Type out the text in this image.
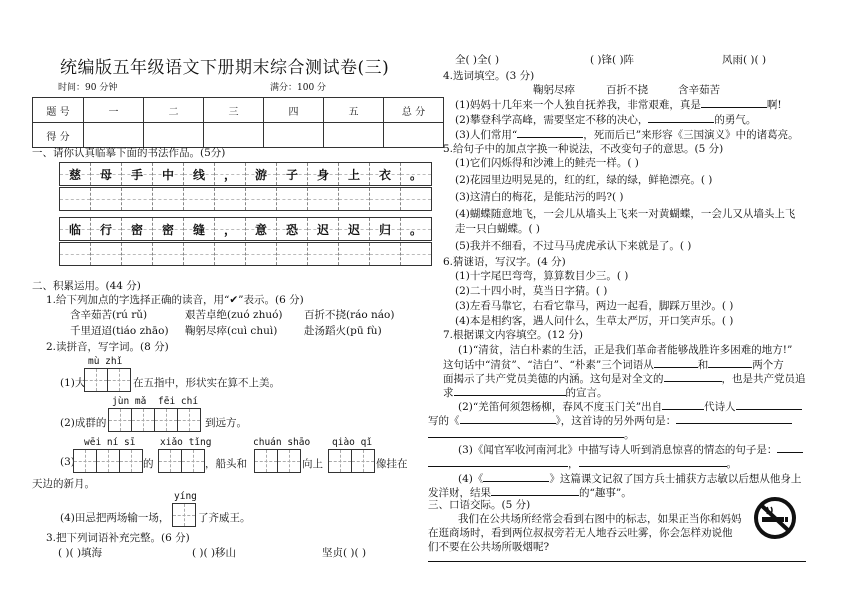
统编版五年级语文下册期末综合测试卷(三)
时间：90 分钟	满分：100 分
题 号	一	二	三	四	五	总 分
得 分						
一、请你认真临摹下面的书法作品。(5分)
慈 母 手 中 线 ， 游 子 身 上 衣 。
临 行 密 密 缝 ， 意 恐 迟 迟 归 。
二、积累运用。(44 分)
1.给下列加点的字选择正确的读音，用“✔”表示。(6 分)
含辛茹苦(rú rǔ)	艰苦卓绝(zuó zhuó) 百折不挠(ráo náo)
千里迢迢(tiáo zhāo) 鞠躬尽瘁(cuì chuì)	赴汤蹈火(pū fù)
2.读拼音，写字词。(8 分)
mù zhǐ
(1)大	在五指中，形状实在算不上美。
jùn mǎ fēi chí
(2)成群的	到远方。
wēi ní sī	xiǎo tǐng	chuán shāo qiào qǐ
(3)	的	，船头和	向上	像挂在
天边的新月。
yíng
(4)田忌把两场输一场，	了齐威王。
3.把下列词语补充完整。(6 分)
( )( )填海	( )( )移山	坚贞( )( )
全( )全( )	( )锋( )阵	风雨( )( )
4.选词填空。(3 分)
鞠躬尽瘁	百折不挠	含辛茹苦
(1)妈妈十几年来一个人独自抚养我，非常艰难，真是	啊!
(2)攀登科学高峰，需要坚定不移的决心，	的勇气。
(3)人们常用“	，死而后已”来形容《三国演义》中的诸葛亮。
5.给句子中的加点字换一种说法，不改变句子的意思。(5 分)
(1)它们闪烁得和沙滩上的鲑壳一样。( )
(2)花园里边明晃晃的，红的红，绿的绿，鲜艳漂亮。( )
(3)这清白的梅花，是能玷污的吗?( )
(4)蝴蝶随意地飞，一会儿从墙头上飞来一对黄蝴蝶，一会儿又从墙头上飞
走一只白蝴蝶。( )
(5)我并不细看，不过马马虎虎承认下来就是了。( )
6.猜谜语，写汉字。(4 分)
(1)十字尾巴弯弯，算算数目少三。( )
(2)二十四小时，莫当日字猜。( )
(3)左看马靠它，右看它靠马，两边一起看，脚踩万里沙。( )
(4)本是相约客，遇人问什么，生草太严厉，开口笑声乐。( )
7.根据课文内容填空。(12 分)
(1)“清贫，洁白朴素的生活，正是我们革命者能够战胜许多困难的地方!”
这句话中“清贫”、“洁白”、“朴素”三个词语从	和	两个方
面揭示了共产党员美德的内涵。这句是对全文的	，也是共产党员追
求	的宣言。
(2)“羌笛何须怨杨柳，春风不度玉门关”出自	代诗人
写的《	》，这首诗的另外两句是：
。
(3)《闻官军收河南河北》中描写诗人听到消息惊喜的情态的句子是：
，	。
(4)《	》这篇课文记叙了国方兵士捕获方志敏以后想从他身上
发洋财，结果	的“趣事”。
三、口语交际。(5 分)
我们在公共场所经常会看到右图中的标志，如果正当你和妈妈
在逛商场时，看到两位叔叔旁若无人地吞云吐雾，你会怎样劝说他
们不要在公共场所吸烟呢?
